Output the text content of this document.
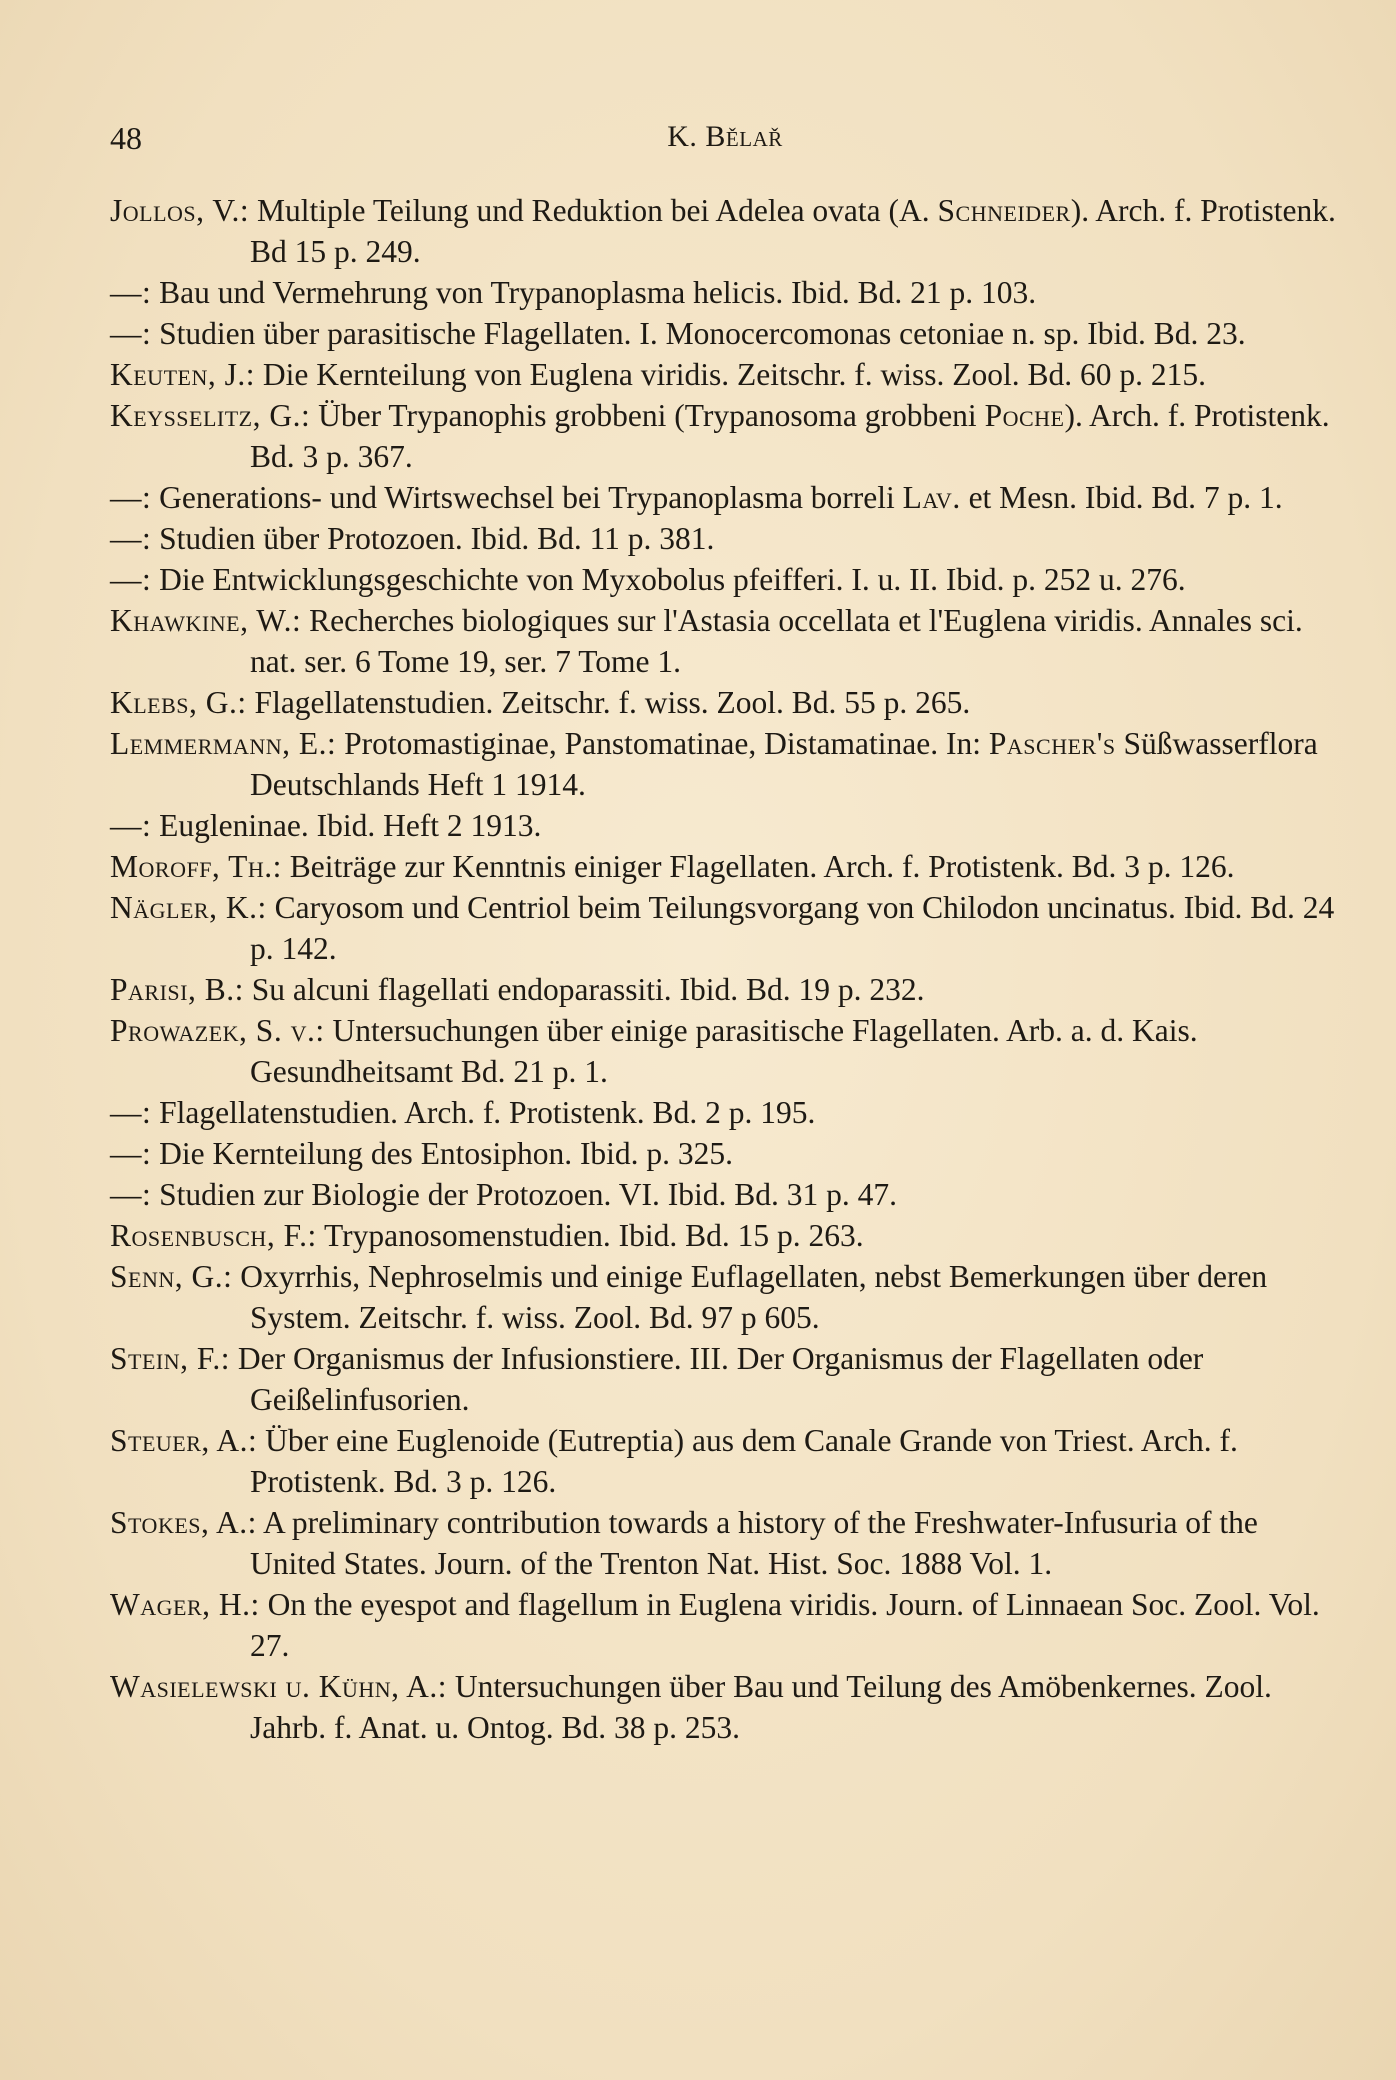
48	K. Bělař

Jollos, V.: Multiple Teilung und Reduktion bei Adelea ovata (A. Schneider). Arch. f. Protistenk. Bd 15 p. 249.

—: Bau und Vermehrung von Trypanoplasma helicis. Ibid. Bd. 21 p. 103.

—: Studien über parasitische Flagellaten. I. Monocercomonas cetoniae n. sp. Ibid. Bd. 23.

Keuten, J.: Die Kernteilung von Euglena viridis. Zeitschr. f. wiss. Zool. Bd. 60 p. 215.

Keysselitz, G.: Über Trypanophis grobbeni (Trypanosoma grobbeni Poche). Arch. f. Protistenk. Bd. 3 p. 367.

—: Generations- und Wirtswechsel bei Trypanoplasma borreli Lav. et Mesn. Ibid. Bd. 7 p. 1.

—: Studien über Protozoen. Ibid. Bd. 11 p. 381.

—: Die Entwicklungsgeschichte von Myxobolus pfeifferi. I. u. II. Ibid. p. 252 u. 276.

Khawkine, W.: Recherches biologiques sur l'Astasia occellata et l'Euglena viridis. Annales sci. nat. ser. 6 Tome 19, ser. 7 Tome 1.

Klebs, G.: Flagellatenstudien. Zeitschr. f. wiss. Zool. Bd. 55 p. 265.

Lemmermann, E.: Protomastiginae, Panstomatinae, Distamatinae. In: Pascher's Süßwasserflora Deutschlands Heft 1 1914.

—: Eugleninae. Ibid. Heft 2 1913.

Moroff, Th.: Beiträge zur Kenntnis einiger Flagellaten. Arch. f. Protistenk. Bd. 3 p. 126.

Nägler, K.: Caryosom und Centriol beim Teilungsvorgang von Chilodon uncinatus. Ibid. Bd. 24 p. 142.

Parisi, B.: Su alcuni flagellati endoparassiti. Ibid. Bd. 19 p. 232.

Prowazek, S. v.: Untersuchungen über einige parasitische Flagellaten. Arb. a. d. Kais. Gesundheitsamt Bd. 21 p. 1.

—: Flagellatenstudien. Arch. f. Protistenk. Bd. 2 p. 195.

—: Die Kernteilung des Entosiphon. Ibid. p. 325.

—: Studien zur Biologie der Protozoen. VI. Ibid. Bd. 31 p. 47.

Rosenbusch, F.: Trypanosomenstudien. Ibid. Bd. 15 p. 263.

Senn, G.: Oxyrrhis, Nephroselmis und einige Euflagellaten, nebst Bemerkungen über deren System. Zeitschr. f. wiss. Zool. Bd. 97 p 605.

Stein, F.: Der Organismus der Infusionstiere. III. Der Organismus der Flagellaten oder Geißelinfusorien.

Steuer, A.: Über eine Euglenoide (Eutreptia) aus dem Canale Grande von Triest. Arch. f. Protistenk. Bd. 3 p. 126.

Stokes, A.: A preliminary contribution towards a history of the Freshwater-Infusuria of the United States. Journ. of the Trenton Nat. Hist. Soc. 1888 Vol. 1.

Wager, H.: On the eyespot and flagellum in Euglena viridis. Journ. of Linnaean Soc. Zool. Vol. 27.

Wasielewski u. Kühn, A.: Untersuchungen über Bau und Teilung des Amöbenkernes. Zool. Jahrb. f. Anat. u. Ontog. Bd. 38 p. 253.
